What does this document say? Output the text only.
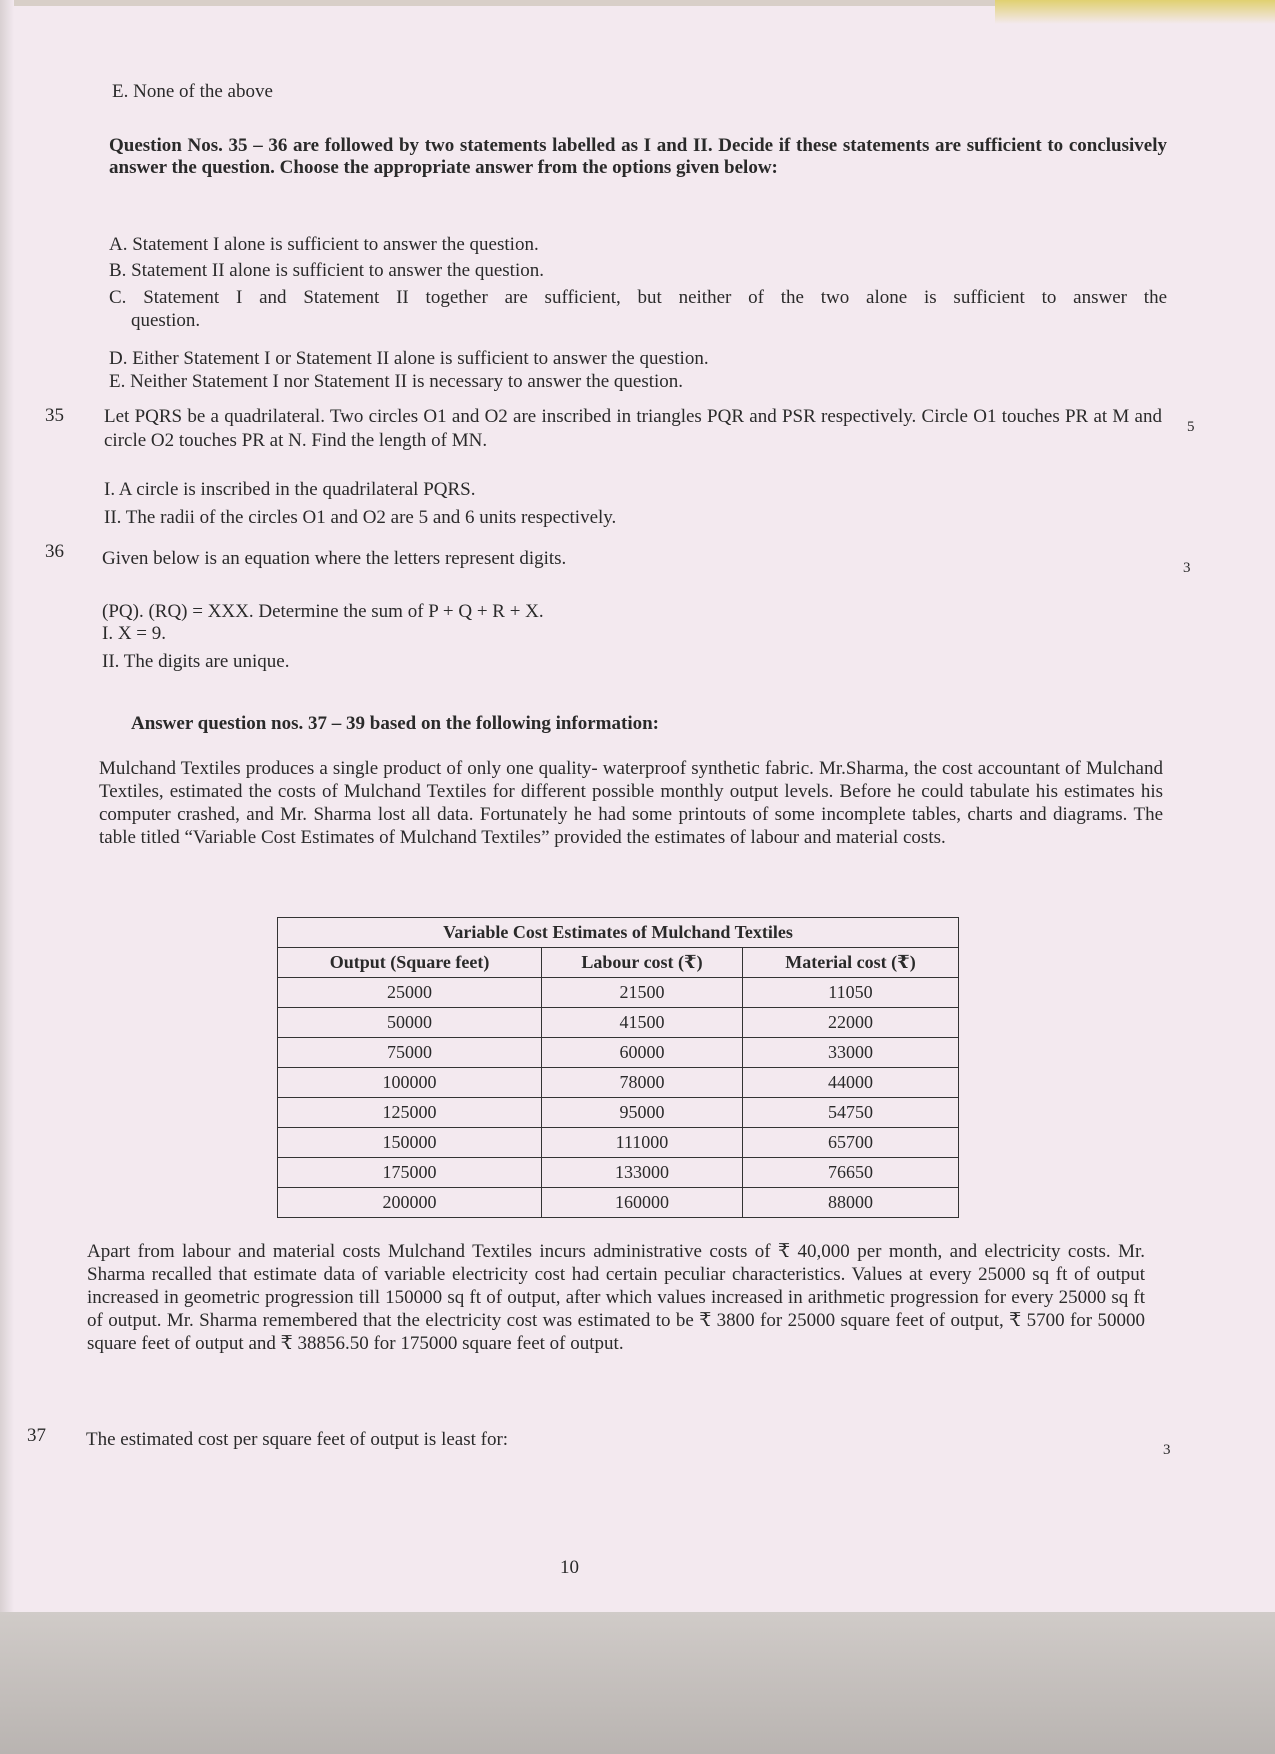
E. None of the above
Question Nos. 35 – 36 are followed by two statements labelled as I and II. Decide if these statements are sufficient to conclusively answer the question. Choose the appropriate answer from the options given below:
A. Statement I alone is sufficient to answer the question.
B. Statement II alone is sufficient to answer the question.
C. Statement I and Statement II together are sufficient, but neither of the two alone is sufficient to answer the
question.
D. Either Statement I or Statement II alone is sufficient to answer the question.
E. Neither Statement I nor Statement II is necessary to answer the question.
35 Let PQRS be a quadrilateral. Two circles O1 and O2 are inscribed in triangles PQR and PSR respectively. Circle O1 touches PR at M and circle O2 touches PR at N. Find the length of MN.
5
I. A circle is inscribed in the quadrilateral PQRS.
II. The radii of the circles O1 and O2 are 5 and 6 units respectively.
36 Given below is an equation where the letters represent digits.	3
(PQ). (RQ) = XXX. Determine the sum of P + Q + R + X.
I. X = 9.
II. The digits are unique.
Answer question nos. 37 – 39 based on the following information:
Mulchand Textiles produces a single product of only one quality- waterproof synthetic fabric. Mr.Sharma, the cost accountant of Mulchand Textiles, estimated the costs of Mulchand Textiles for different possible monthly output levels. Before he could tabulate his estimates his computer crashed, and Mr. Sharma lost all data. Fortunately he had some printouts of some incomplete tables, charts and diagrams. The table titled “Variable Cost Estimates of Mulchand Textiles” provided the estimates of labour and material costs.
Variable Cost Estimates of Mulchand Textiles		
Output (Square feet)	Labour cost (₹)	Material cost (₹)
25000	21500	11050
50000	41500	22000
75000	60000	33000
100000	78000	44000
125000	95000	54750
150000	111000	65700
175000	133000	76650
200000	160000	88000
Apart from labour and material costs Mulchand Textiles incurs administrative costs of ₹ 40,000 per month, and electricity costs. Mr. Sharma recalled that estimate data of variable electricity cost had certain peculiar characteristics. Values at every 25000 sq ft of output increased in geometric progression till 150000 sq ft of output, after which values increased in arithmetic progression for every 25000 sq ft of output. Mr. Sharma remembered that the electricity cost was estimated to be ₹ 3800 for 25000 square feet of output, ₹ 5700 for 50000 square feet of output and ₹ 38856.50 for 175000 square feet of output.
37 The estimated cost per square feet of output is least for:	3
10
